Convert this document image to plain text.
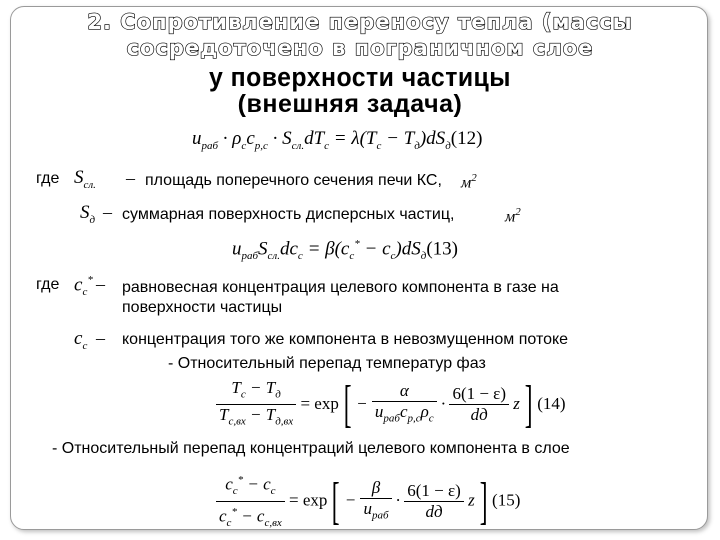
2. Сопротивление переносу тепла (массы
сосредоточено в пограничном слое
у поверхности частицы
(внешняя задача)
$u_{раб} \cdot \rho_сc_{р,с} \cdot S_{сл.}dT_c = \lambda(T_c - T_д)dS_д(12)$
где $S_{сл.}$ – площадь поперечного сечения печи КС, $м^2$
$S_д$ – суммарная поверхность дисперсных частиц,	$м^2$
$u_{раб}S_{сл.}dc_c = \beta(c_c^* - c_c)dS_д(13)$
где $c_c^*$ – равновесная концентрация целевого компонента в газе на
поверхности частицы
$c_c$ – концентрация того же компонента в невозмущенном потоке
- Относительный перепад температур фаз
$\frac{T_c - T_д}{T_{c,вх} - T_{д,вх}} = \exp[ - \frac{\alpha}{u_{раб}c_{р,с}\rho_с} \cdot \frac{6(1 - \varepsilon)}{dд} z]$ (14)
- Относительный перепад концентраций целевого компонента в слое
$\frac{c_c^* - c_c}{c_c^* - c_{c,вх}} = \exp[ - \frac{\beta}{u_{раб}} \cdot \frac{6(1 - \varepsilon)}{dд} z]$ (15)
